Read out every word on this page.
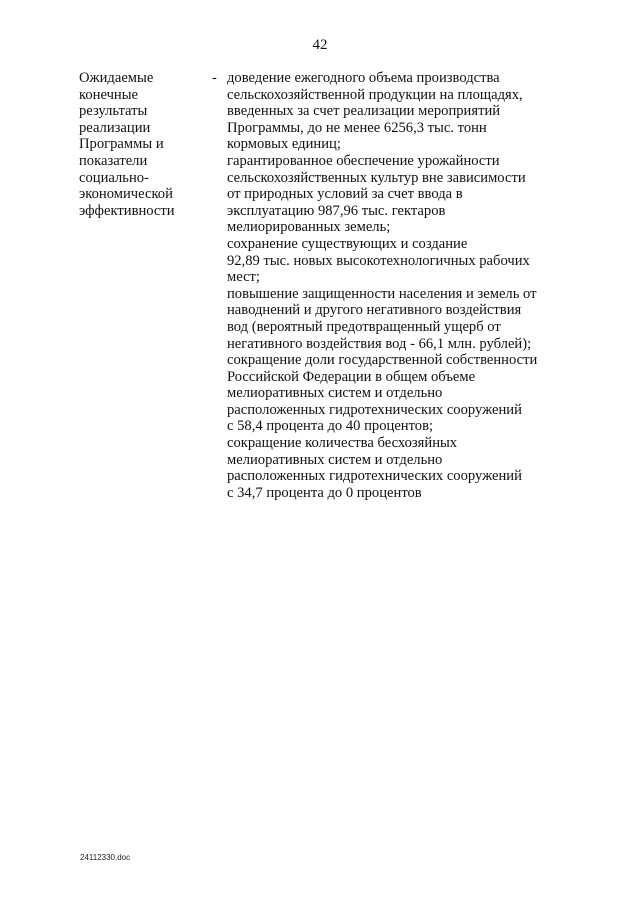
42
Ожидаемые
конечные
результаты
реализации
Программы и
показатели
социально-
экономической
эффективности
- доведение ежегодного объема производства
сельскохозяйственной продукции на площадях,
введенных за счет реализации мероприятий
Программы, до не менее 6256,3 тыс. тонн
кормовых единиц;
гарантированное обеспечение урожайности
сельскохозяйственных культур вне зависимости
от природных условий за счет ввода в
эксплуатацию 987,96 тыс. гектаров
мелиорированных земель;
сохранение существующих и создание
92,89 тыс. новых высокотехнологичных рабочих
мест;
повышение защищенности населения и земель от
наводнений и другого негативного воздействия
вод (вероятный предотвращенный ущерб от
негативного воздействия вод - 66,1 млн. рублей);
сокращение доли государственной собственности
Российской Федерации в общем объеме
мелиоративных систем и отдельно
расположенных гидротехнических сооружений
с 58,4 процента до 40 процентов;
сокращение количества бесхозяйных
мелиоративных систем и отдельно
расположенных гидротехнических сооружений
с 34,7 процента до 0 процентов
24112330.doc
